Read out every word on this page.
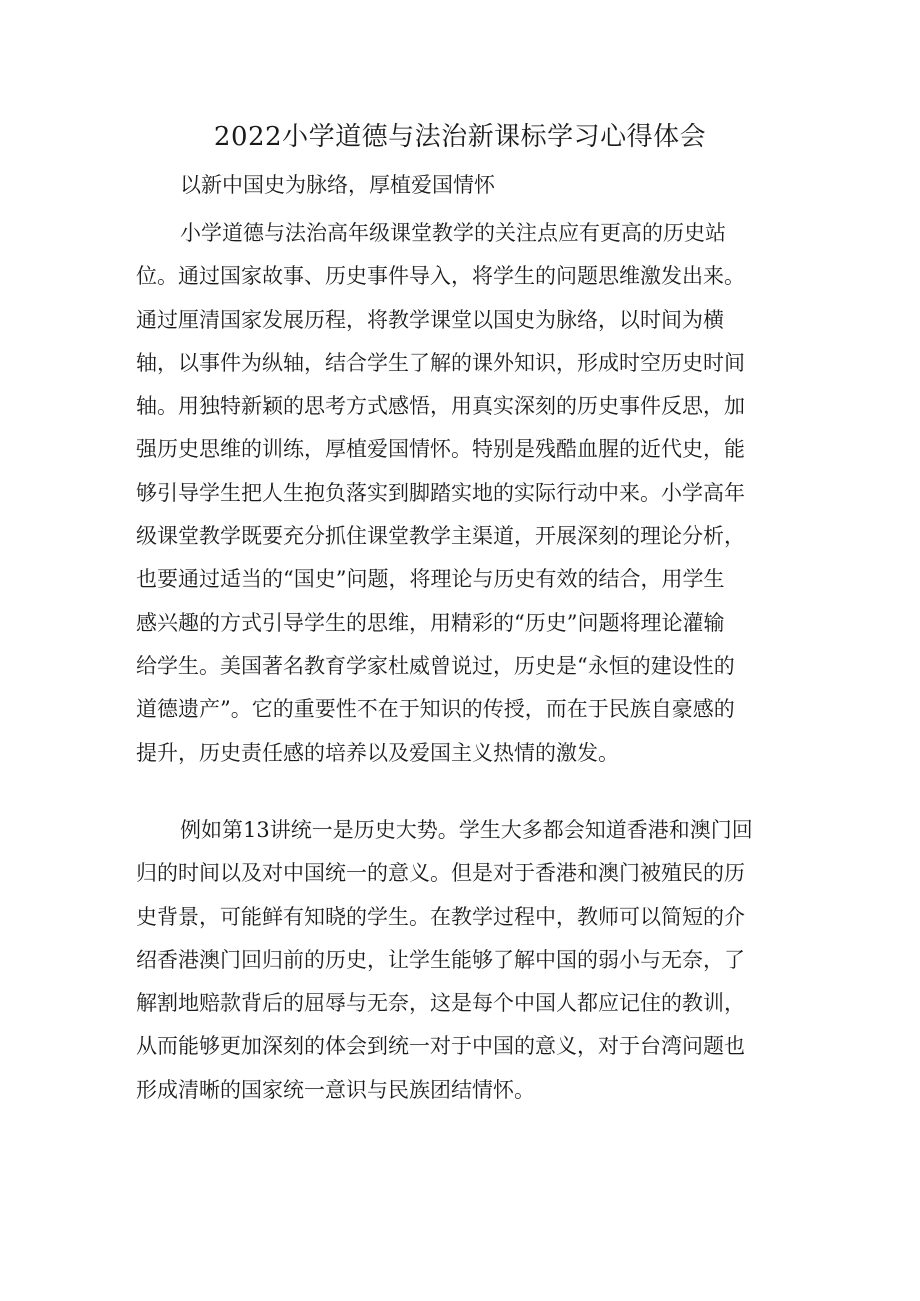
2022小学道德与法治新课标学习心得体会
以新中国史为脉络，厚植爱国情怀
小学道德与法治高年级课堂教学的关注点应有更高的历史站
位。通过国家故事、历史事件导入，将学生的问题思维激发出来。
通过厘清国家发展历程，将教学课堂以国史为脉络，以时间为横
轴，以事件为纵轴，结合学生了解的课外知识，形成时空历史时间
轴。用独特新颖的思考方式感悟，用真实深刻的历史事件反思，加
强历史思维的训练，厚植爱国情怀。特别是残酷血腥的近代史，能
够引导学生把人生抱负落实到脚踏实地的实际行动中来。小学高年
级课堂教学既要充分抓住课堂教学主渠道，开展深刻的理论分析，
也要通过适当的“国史”问题，将理论与历史有效的结合，用学生
感兴趣的方式引导学生的思维，用精彩的“历史”问题将理论灌输
给学生。美国著名教育学家杜威曾说过，历史是“永恒的建设性的
道德遗产”。它的重要性不在于知识的传授，而在于民族自豪感的
提升，历史责任感的培养以及爱国主义热情的激发。
例如第13讲统一是历史大势。学生大多都会知道香港和澳门回
归的时间以及对中国统一的意义。但是对于香港和澳门被殖民的历
史背景，可能鲜有知晓的学生。在教学过程中，教师可以简短的介
绍香港澳门回归前的历史，让学生能够了解中国的弱小与无奈，了
解割地赔款背后的屈辱与无奈，这是每个中国人都应记住的教训，
从而能够更加深刻的体会到统一对于中国的意义，对于台湾问题也
形成清晰的国家统一意识与民族团结情怀。
